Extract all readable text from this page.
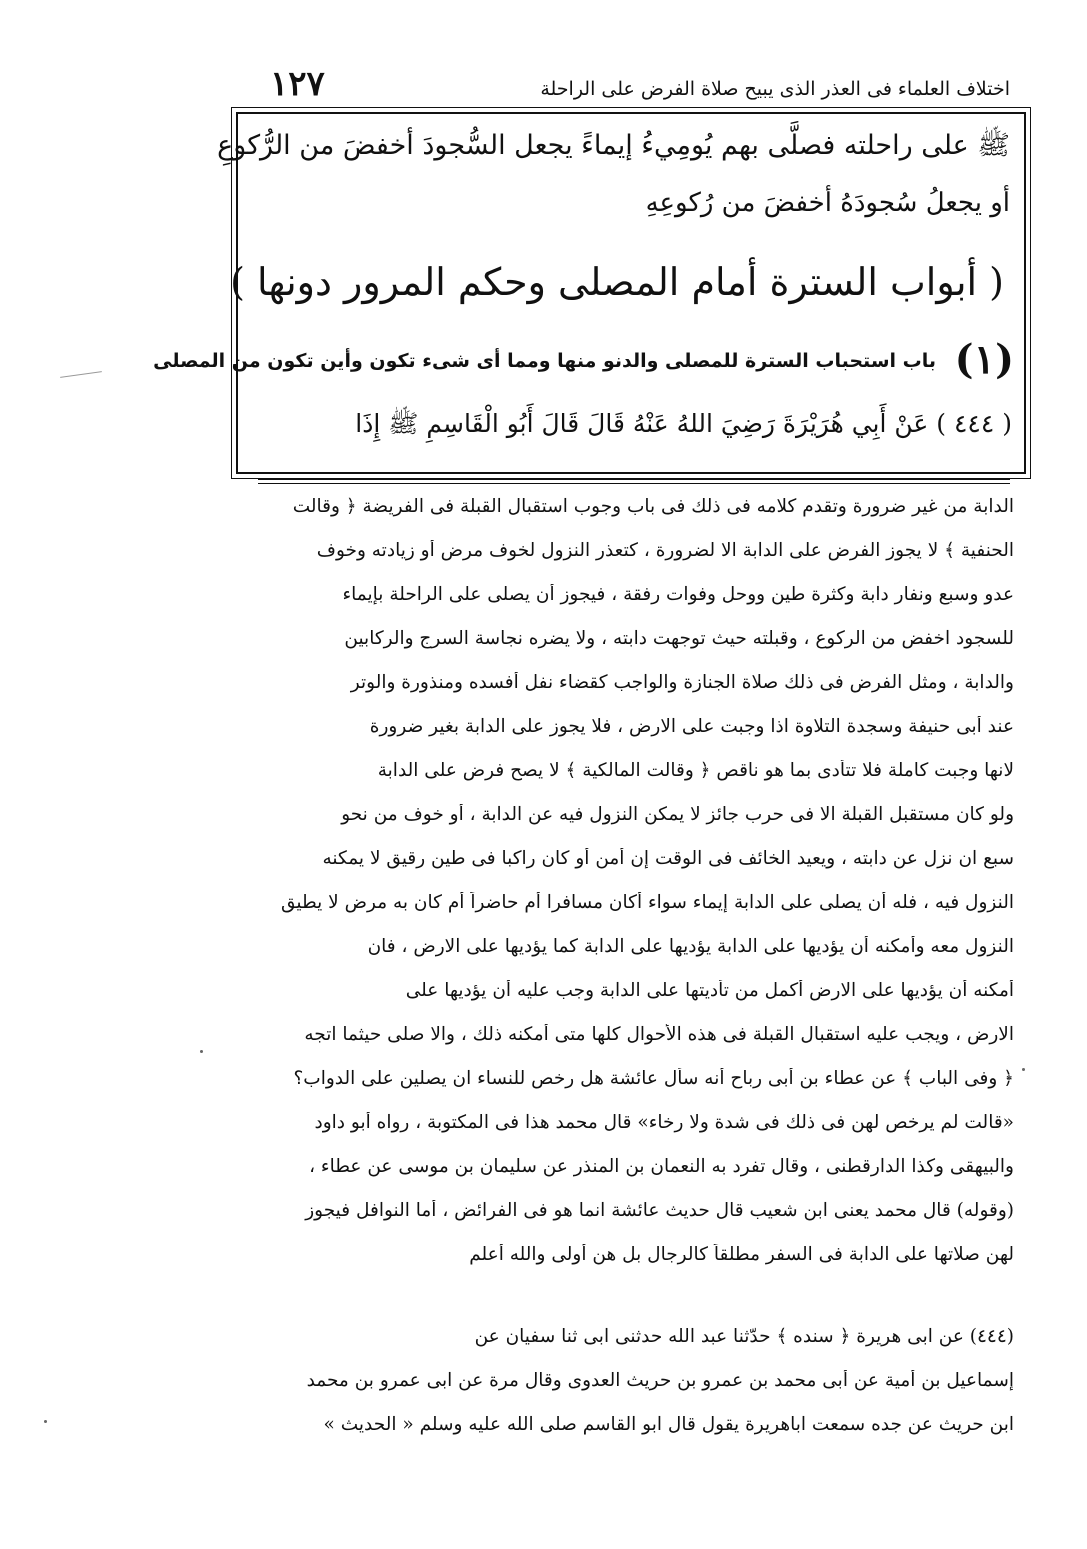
اختلاف العلماء فى العذر الذى يبيح صلاة الفرض على الراحلة
١٢٧
ﷺ على راحلته فصلَّى بهم يُومِيءُ إيماءً يجعل السُّجودَ أخفضَ من الرُّكوعِ
أو يجعلُ سُجودَهُ أخفضَ من رُكوعِهِ
( أبواب السترة أمام المصلى وحكم المرور دونها )
(١)
باب استحباب السترة للمصلى والدنو منها ومما أى شىء تكون وأين تكون من المصلى
( ٤٤٤ ) عَنْ أَبِي هُرَيْرَةَ رَضِيَ اللهُ عَنْهُ قَالَ قَالَ أَبُو الْقَاسِمِ ﷺ إِذَا
الدابة من غير ضرورة وتقدم كلامه فى ذلك فى باب وجوب استقبال القبلة فى الفريضة ﴿ وقالت
الحنفية ﴾ لا يجوز الفرض على الدابة الا لضرورة ، كتعذر النزول لخوف مرض أو زيادته وخوف
عدو وسبع ونفار دابة وكثرة طين ووحل وفوات رفقة ، فيجوز أن يصلى على الراحلة بإيماء
للسجود اخفض من الركوع ، وقبلته حيث توجهت دابته ، ولا يضره نجاسة السرج والركابين
والدابة ، ومثل الفرض فى ذلك صلاة الجنازة والواجب كقضاء نفل أفسده ومنذورة والوتر
عند أبى حنيفة وسجدة التلاوة اذا وجبت على الارض ، فلا يجوز على الدابة بغير ضرورة
لانها وجبت كاملة فلا تتأدى بما هو ناقص ﴿ وقالت المالكية ﴾ لا يصح فرض على الدابة
ولو كان مستقبل القبلة الا فى حرب جائز لا يمكن النزول فيه عن الدابة ، أو خوف من نحو
سبع ان نزل عن دابته ، ويعيد الخائف فى الوقت إن أمن أو كان راكبا فى طين رقيق لا يمكنه
النزول فيه ، فله أن يصلى على الدابة إيماء سواء أكان مسافرا أم حاضراً أم كان به مرض لا يطيق
النزول معه وأمكنه أن يؤديها على الدابة يؤديها على الدابة كما يؤديها على الارض ، فان
أمكنه أن يؤديها على الارض أكمل من تأديتها على الدابة وجب عليه أن يؤديها على
الارض ، ويجب عليه استقبال القبلة فى هذه الأحوال كلها متى أمكنه ذلك ، والا صلى حيثما اتجه
﴿ وفى الباب ﴾ عن عطاء بن أبى رباح أنه سأل عائشة هل رخص للنساء ان يصلين على الدواب؟
«قالت لم يرخص لهن فى ذلك فى شدة ولا رخاء» قال محمد هذا فى المكتوبة ، رواه أبو داود
والبيهقى وكذا الدارقطنى ، وقال تفرد به النعمان بن المنذر عن سليمان بن موسى عن عطاء ،
(وقوله) قال محمد يعنى ابن شعيب قال حديث عائشة انما هو فى الفرائض ، أما النوافل فيجوز
لهن صلاتها على الدابة فى السفر مطلقاً كالرجال بل هن أولى والله أعلم
(٤٤٤) عن ابى هريرة ﴿ سنده ﴾ حدّثنا عبد الله حدثنى ابى ثنا سفيان عن
إسماعيل بن أمية عن أبى محمد بن عمرو بن حريث العدوى وقال مرة عن ابى عمرو بن محمد
ابن حريث عن جده سمعت اباهريرة يقول قال ابو القاسم صلى الله عليه وسلم « الحديث »
